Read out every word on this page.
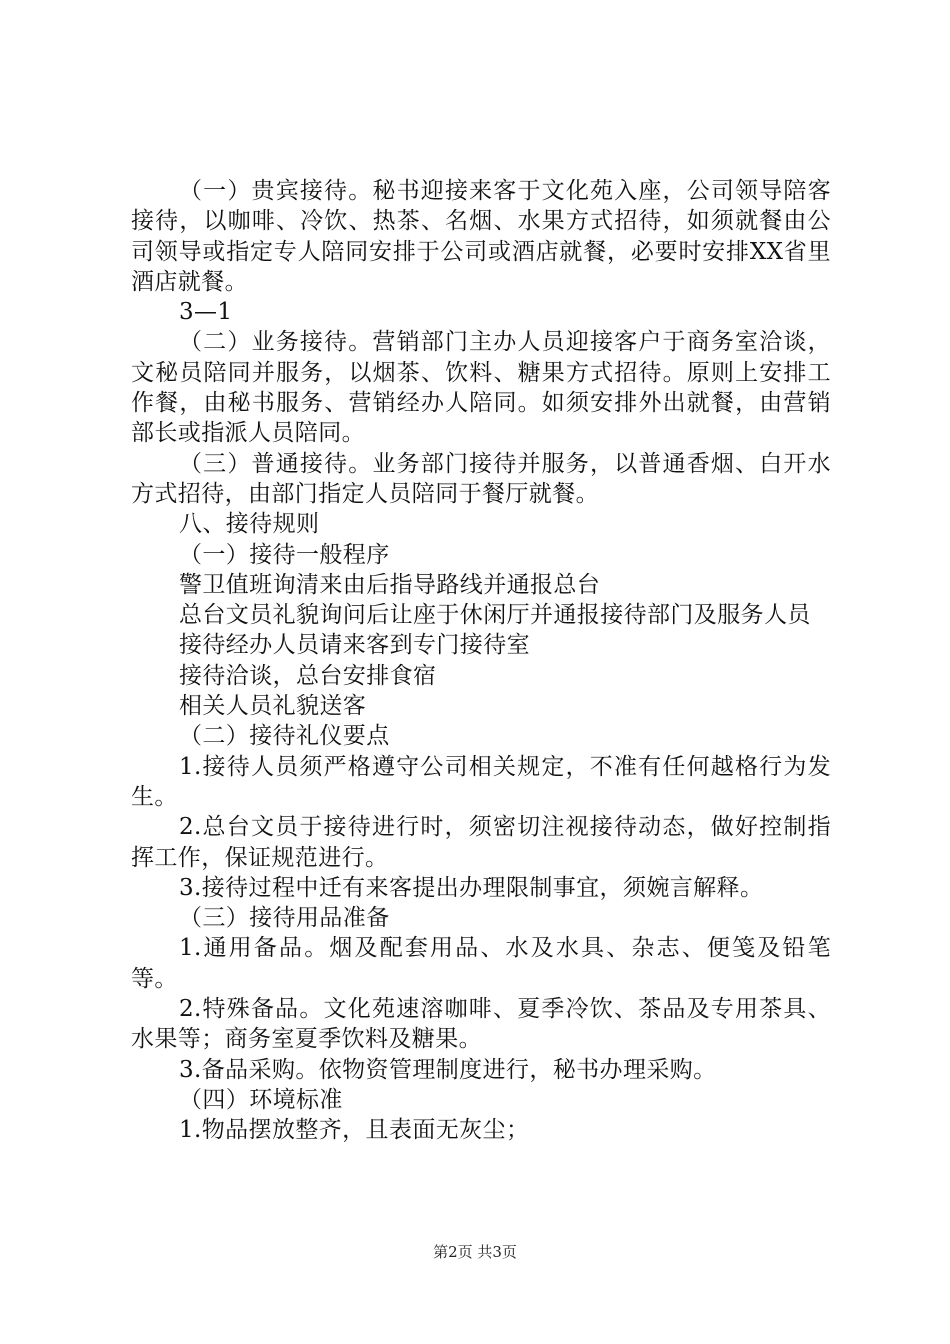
（一）贵宾接待。秘书迎接来客于文化苑入座，公司领导陪客接待，以咖啡、冷饮、热茶、名烟、水果方式招待，如须就餐由公司领导或指定专人陪同安排于公司或酒店就餐，必要时安排XX省里酒店就餐。

3—1

（二）业务接待。营销部门主办人员迎接客户于商务室洽谈，文秘员陪同并服务，以烟茶、饮料、糖果方式招待。原则上安排工作餐，由秘书服务、营销经办人陪同。如须安排外出就餐，由营销部长或指派人员陪同。

（三）普通接待。业务部门接待并服务，以普通香烟、白开水方式招待，由部门指定人员陪同于餐厅就餐。

八、接待规则

（一）接待一般程序

警卫值班询清来由后指导路线并通报总台

总台文员礼貌询问后让座于休闲厅并通报接待部门及服务人员

接待经办人员请来客到专门接待室

接待洽谈，总台安排食宿

相关人员礼貌送客

（二）接待礼仪要点

1.接待人员须严格遵守公司相关规定，不准有任何越格行为发生。

2.总台文员于接待进行时，须密切注视接待动态，做好控制指挥工作，保证规范进行。

3.接待过程中迁有来客提出办理限制事宜，须婉言解释。

（三）接待用品准备

1.通用备品。烟及配套用品、水及水具、杂志、便笺及铅笔等。

2.特殊备品。文化苑速溶咖啡、夏季冷饮、茶品及专用茶具、水果等；商务室夏季饮料及糖果。

3.备品采购。依物资管理制度进行，秘书办理采购。

（四）环境标准

1.物品摆放整齐，且表面无灰尘；

第2页 共3页
